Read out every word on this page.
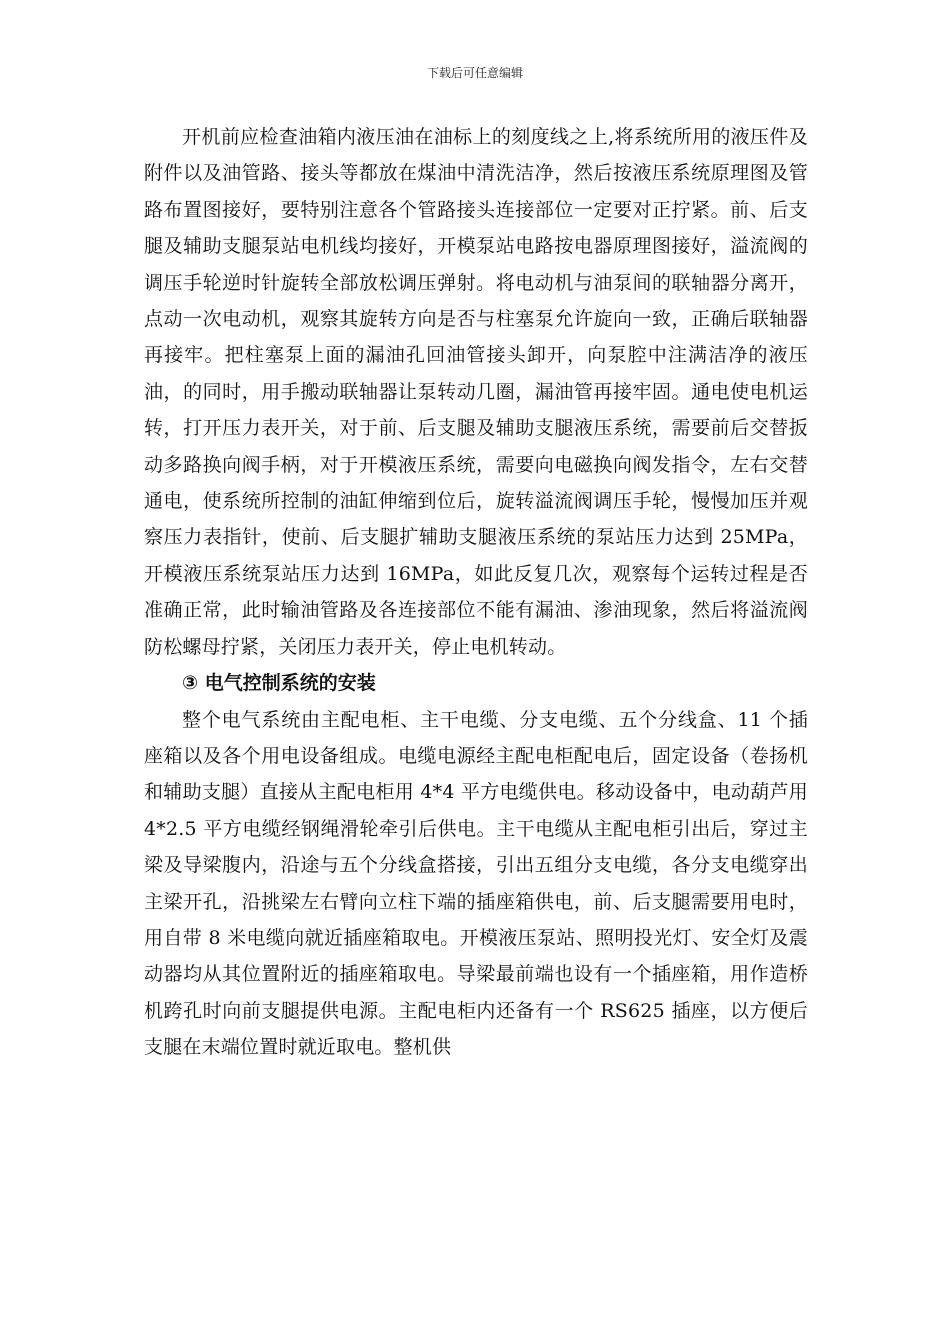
下载后可任意编辑

开机前应检查油箱内液压油在油标上的刻度线之上,将系统所用的液压件及附件以及油管路、接头等都放在煤油中清洗洁净，然后按液压系统原理图及管路布置图接好，要特别注意各个管路接头连接部位一定要对正拧紧。前、后支腿及辅助支腿泵站电机线均接好，开模泵站电路按电器原理图接好，溢流阀的调压手轮逆时针旋转全部放松调压弹射。将电动机与油泵间的联轴器分离开，点动一次电动机，观察其旋转方向是否与柱塞泵允许旋向一致，正确后联轴器再接牢。把柱塞泵上面的漏油孔回油管接头卸开，向泵腔中注满洁净的液压油，的同时，用手搬动联轴器让泵转动几圈，漏油管再接牢固。通电使电机运转，打开压力表开关，对于前、后支腿及辅助支腿液压系统，需要前后交替扳动多路换向阀手柄，对于开模液压系统，需要向电磁换向阀发指令，左右交替通电，使系统所控制的油缸伸缩到位后，旋转溢流阀调压手轮，慢慢加压并观察压力表指针，使前、后支腿扩辅助支腿液压系统的泵站压力达到 25MPa，开模液压系统泵站压力达到 16MPa，如此反复几次，观察每个运转过程是否准确正常，此时输油管路及各连接部位不能有漏油、渗油现象，然后将溢流阀防松螺母拧紧，关闭压力表开关，停止电机转动。

③ 电气控制系统的安装

整个电气系统由主配电柜、主干电缆、分支电缆、五个分线盒、11 个插座箱以及各个用电设备组成。电缆电源经主配电柜配电后，固定设备（卷扬机和辅助支腿）直接从主配电柜用 4*4 平方电缆供电。移动设备中，电动葫芦用 4*2.5 平方电缆经钢绳滑轮牵引后供电。主干电缆从主配电柜引出后，穿过主梁及导梁腹内，沿途与五个分线盒搭接，引出五组分支电缆，各分支电缆穿出主梁开孔，沿挑梁左右臂向立柱下端的插座箱供电，前、后支腿需要用电时，用自带 8 米电缆向就近插座箱取电。开模液压泵站、照明投光灯、安全灯及震动器均从其位置附近的插座箱取电。导梁最前端也设有一个插座箱，用作造桥机跨孔时向前支腿提供电源。主配电柜内还备有一个 RS625 插座，以方便后支腿在末端位置时就近取电。整机供
